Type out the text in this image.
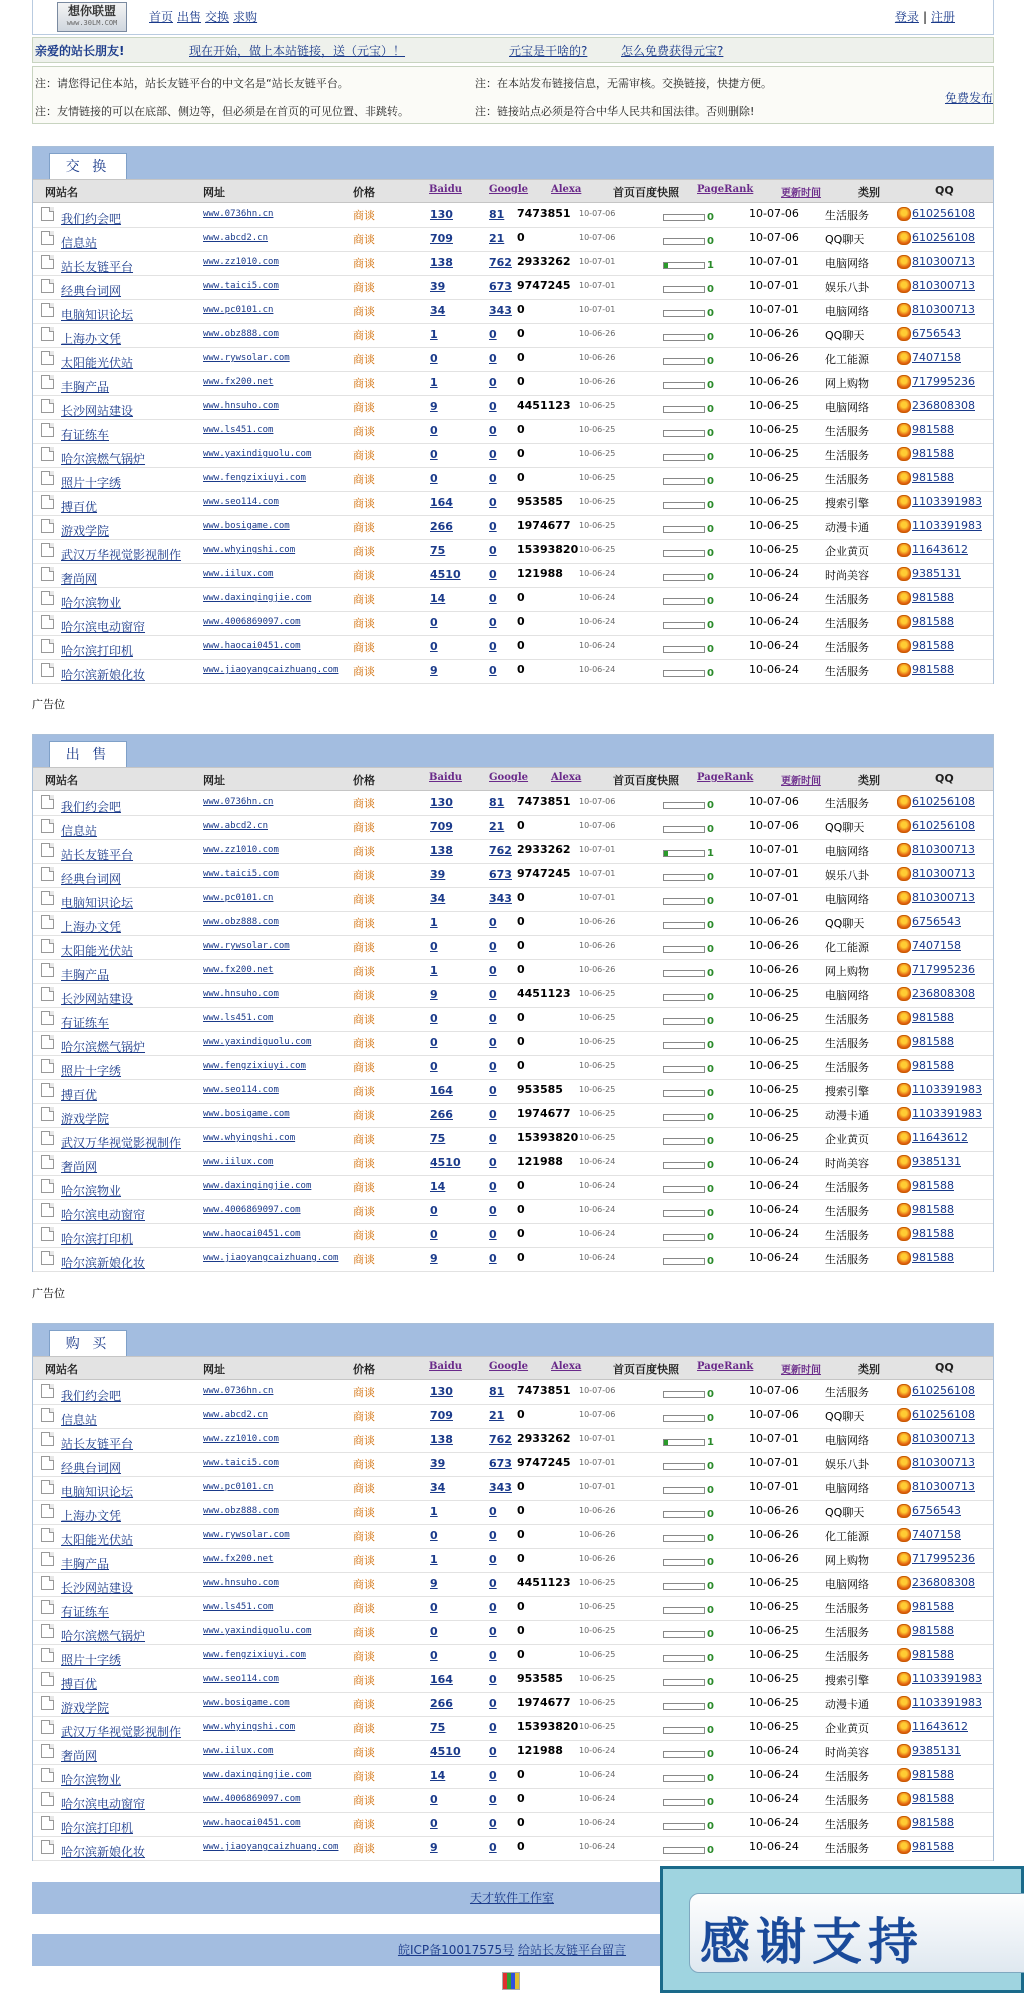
想你联盟
www.30LM.COM	首页 出售 交换 求购	登录 | 注册
亲爱的站长朋友!	现在开始，做上本站链接，送（元宝）！	元宝是干啥的?	怎么免费获得元宝?
注：请您得记住本站，站长友链平台的中文名是“站长友链平台。
注：友情链接的可以在底部、侧边等，但必须是在首页的可见位置、非跳转。
注：在本站发布链接信息，无需审核。交换链接，快捷方便。
注：链接站点必须是符合中华人民共和国法律。否则删除!
免费发布
交 换
网站名	网址	价格	Baidu	Google Alexa	首页百度快照 PageRank	更新时间	类别	QQ
我们约会吧	www.0736hn.cn	商谈	130	81 7473851 10-07-06	0	10-07-06 生活服务	610256108
信息站	www.abcd2.cn	商谈	709	21 0	10-07-06	0	10-07-06 QQ聊天	610256108
站长友链平台	www.zz1010.com	商谈	138	762 2933262 10-07-01	1	10-07-01 电脑网络	810300713
经典台词网	www.taici5.com	商谈	39	673 9747245 10-07-01	0	10-07-01 娱乐八卦	810300713
电脑知识论坛	www.pc0101.cn	商谈	34	343 0	10-07-01	0	10-07-01 电脑网络	810300713
上海办文凭	www.obz888.com	商谈	1	0 0	10-06-26	0	10-06-26 QQ聊天	6756543
太阳能光伏站	www.rywsolar.com	商谈	0	0 0	10-06-26	0	10-06-26 化工能源	7407158
丰胸产品	www.fx200.net	商谈	1	0 0	10-06-26	0	10-06-26 网上购物	717995236
长沙网站建设	www.hnsuho.com	商谈	9	0 4451123 10-06-25	0	10-06-25 电脑网络	236808308
有证练车	www.ls451.com	商谈	0	0 0	10-06-25	0	10-06-25 生活服务	981588
哈尔滨燃气锅炉	www.yaxindiguolu.com	商谈	0	0 0	10-06-25	0	10-06-25 生活服务	981588
照片十字绣	www.fengzixiuyi.com	商谈	0	0 0	10-06-25	0	10-06-25 生活服务	981588
搏百优	www.seo114.com	商谈	164	0 953585 10-06-25	0	10-06-25 搜索引擎	1103391983
游戏学院	www.bosigame.com	商谈	266	0 1974677 10-06-25	0	10-06-25 动漫卡通	1103391983
武汉万华视觉影视制作 www.whyingshi.com	商谈	75	0 15393820 10-06-25	0	10-06-25 企业黄页	11643612
奢尚网	www.iilux.com	商谈	4510	0 121988 10-06-24	0	10-06-24 时尚美容	9385131
哈尔滨物业	www.daxinqingjie.com	商谈	14	0 0	10-06-24	0	10-06-24 生活服务	981588
哈尔滨电动窗帘	www.4006869097.com	商谈	0	0 0	10-06-24	0	10-06-24 生活服务	981588
哈尔滨打印机	www.haocai0451.com	商谈	0	0 0	10-06-24	0	10-06-24 生活服务	981588
哈尔滨新娘化妆	www.jiaoyangcaizhuang.com 商谈	9	0 0	10-06-24	0	10-06-24 生活服务	981588
广告位
出 售
网站名	网址	价格	Baidu	Google Alexa	首页百度快照 PageRank	更新时间	类别	QQ
我们约会吧	www.0736hn.cn	商谈	130	81 7473851 10-07-06	0	10-07-06 生活服务	610256108
信息站	www.abcd2.cn	商谈	709	21 0	10-07-06	0	10-07-06 QQ聊天	610256108
站长友链平台	www.zz1010.com	商谈	138	762 2933262 10-07-01	1	10-07-01 电脑网络	810300713
经典台词网	www.taici5.com	商谈	39	673 9747245 10-07-01	0	10-07-01 娱乐八卦	810300713
电脑知识论坛	www.pc0101.cn	商谈	34	343 0	10-07-01	0	10-07-01 电脑网络	810300713
上海办文凭	www.obz888.com	商谈	1	0 0	10-06-26	0	10-06-26 QQ聊天	6756543
太阳能光伏站	www.rywsolar.com	商谈	0	0 0	10-06-26	0	10-06-26 化工能源	7407158
丰胸产品	www.fx200.net	商谈	1	0 0	10-06-26	0	10-06-26 网上购物	717995236
长沙网站建设	www.hnsuho.com	商谈	9	0 4451123 10-06-25	0	10-06-25 电脑网络	236808308
有证练车	www.ls451.com	商谈	0	0 0	10-06-25	0	10-06-25 生活服务	981588
哈尔滨燃气锅炉	www.yaxindiguolu.com	商谈	0	0 0	10-06-25	0	10-06-25 生活服务	981588
照片十字绣	www.fengzixiuyi.com	商谈	0	0 0	10-06-25	0	10-06-25 生活服务	981588
搏百优	www.seo114.com	商谈	164	0 953585 10-06-25	0	10-06-25 搜索引擎	1103391983
游戏学院	www.bosigame.com	商谈	266	0 1974677 10-06-25	0	10-06-25 动漫卡通	1103391983
武汉万华视觉影视制作 www.whyingshi.com	商谈	75	0 15393820 10-06-25	0	10-06-25 企业黄页	11643612
奢尚网	www.iilux.com	商谈	4510	0 121988 10-06-24	0	10-06-24 时尚美容	9385131
哈尔滨物业	www.daxinqingjie.com	商谈	14	0 0	10-06-24	0	10-06-24 生活服务	981588
哈尔滨电动窗帘	www.4006869097.com	商谈	0	0 0	10-06-24	0	10-06-24 生活服务	981588
哈尔滨打印机	www.haocai0451.com	商谈	0	0 0	10-06-24	0	10-06-24 生活服务	981588
哈尔滨新娘化妆	www.jiaoyangcaizhuang.com 商谈	9	0 0	10-06-24	0	10-06-24 生活服务	981588
广告位
购 买
网站名	网址	价格	Baidu	Google Alexa	首页百度快照 PageRank	更新时间	类别	QQ
我们约会吧	www.0736hn.cn	商谈	130	81 7473851 10-07-06	0	10-07-06 生活服务	610256108
信息站	www.abcd2.cn	商谈	709	21 0	10-07-06	0	10-07-06 QQ聊天	610256108
站长友链平台	www.zz1010.com	商谈	138	762 2933262 10-07-01	1	10-07-01 电脑网络	810300713
经典台词网	www.taici5.com	商谈	39	673 9747245 10-07-01	0	10-07-01 娱乐八卦	810300713
电脑知识论坛	www.pc0101.cn	商谈	34	343 0	10-07-01	0	10-07-01 电脑网络	810300713
上海办文凭	www.obz888.com	商谈	1	0 0	10-06-26	0	10-06-26 QQ聊天	6756543
太阳能光伏站	www.rywsolar.com	商谈	0	0 0	10-06-26	0	10-06-26 化工能源	7407158
丰胸产品	www.fx200.net	商谈	1	0 0	10-06-26	0	10-06-26 网上购物	717995236
长沙网站建设	www.hnsuho.com	商谈	9	0 4451123 10-06-25	0	10-06-25 电脑网络	236808308
有证练车	www.ls451.com	商谈	0	0 0	10-06-25	0	10-06-25 生活服务	981588
哈尔滨燃气锅炉	www.yaxindiguolu.com	商谈	0	0 0	10-06-25	0	10-06-25 生活服务	981588
照片十字绣	www.fengzixiuyi.com	商谈	0	0 0	10-06-25	0	10-06-25 生活服务	981588
搏百优	www.seo114.com	商谈	164	0 953585 10-06-25	0	10-06-25 搜索引擎	1103391983
游戏学院	www.bosigame.com	商谈	266	0 1974677 10-06-25	0	10-06-25 动漫卡通	1103391983
武汉万华视觉影视制作 www.whyingshi.com	商谈	75	0 15393820 10-06-25	0	10-06-25 企业黄页	11643612
奢尚网	www.iilux.com	商谈	4510	0 121988 10-06-24	0	10-06-24 时尚美容	9385131
哈尔滨物业	www.daxinqingjie.com	商谈	14	0 0	10-06-24	0	10-06-24 生活服务	981588
哈尔滨电动窗帘	www.4006869097.com	商谈	0	0 0	10-06-24	0	10-06-24 生活服务	981588
哈尔滨打印机	www.haocai0451.com	商谈	0	0 0	10-06-24	0	10-06-24 生活服务	981588
哈尔滨新娘化妆	www.jiaoyangcaizhuang.com 商谈	9	0 0	10-06-24	0	10-06-24 生活服务	981588
天才软件工作室
皖ICP备10017575号 给站长友链平台留言	感谢支持
